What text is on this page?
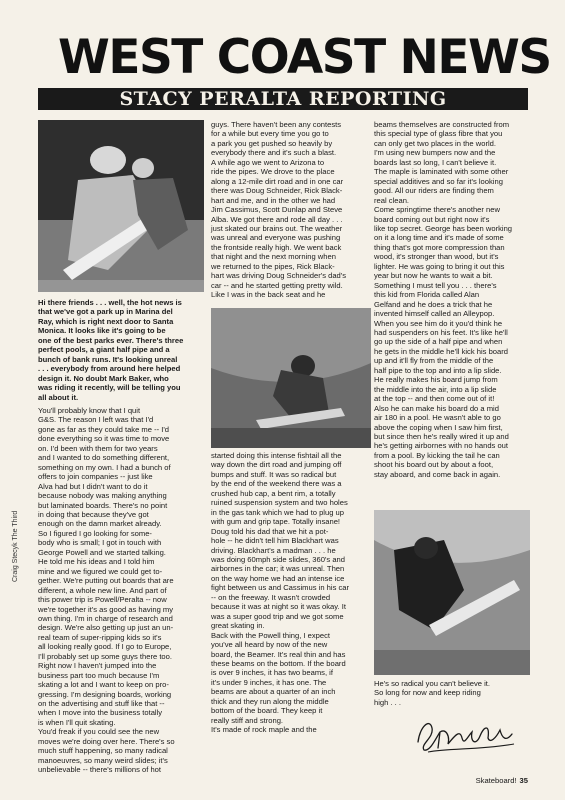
WEST COAST NEWS
STACY PERALTA REPORTING
Craig Stecyk The Third

Hi there friends . . . well, the hot news is
that we've got a park up in Marina del
Ray, which is right next door to Santa
Monica. It looks like it's going to be
one of the best parks ever. There's three
perfect pools, a giant half pipe and a
bunch of bank runs. It's looking unreal
. . . everybody from around here helped
design it. No doubt Mark Baker, who
was riding it recently, will be telling you
all about it.

You'll probably know that I quit
G&S. The reason I left was that I'd
gone as far as they could take me -- I'd
done everything so it was time to move
on. I'd been with them for two years
and I wanted to do something different,
something on my own. I had a bunch of
offers to join companies -- just like
Alva had but I didn't want to do it
because nobody was making anything
but laminated boards. There's no point
in doing that because they've got
enough on the damn market already.
So I figured I go looking for some-
body who is small; I got in touch with
George Powell and we started talking.
He told me his ideas and I told him
mine and we figured we could get to-
gether. We're putting out boards that are
different, a whole new line. And part of
this power trip is Powell/Peralta -- now
we're together it's as good as having my
own thing. I'm in charge of research and
design. We're also getting up just an un-
real team of super-ripping kids so it's
all looking really good. If I go to Europe,
I'll probably set up some guys there too.
Right now I haven't jumped into the
business part too much because I'm
skating a lot and I want to keep on pro-
gressing. I'm designing boards, working
on the advertising and stuff like that --
when I move into the business totally
is when I'll quit skating.
You'd freak if you could see the new
moves we're doing over here. There's so
much stuff happening, so many radical
manoeuvres, so many weird slides; it's
unbelievable -- there's millions of hot

guys. There haven't been any contests
for a while but every time you go to
a park you get pushed so heavily by
everybody there and it's such a blast.
A while ago we went to Arizona to
ride the pipes. We drove to the place
along a 12-mile dirt road and in one car
there was Doug Schneider, Rick Black-
hart and me, and in the other we had
Jim Cassimus, Scott Dunlap and Steve
Alba. We got there and rode all day . . .
just skated our brains out. The weather
was unreal and everyone was pushing
the frontside really high. We went back
that night and the next morning when
we returned to the pipes, Rick Black-
hart was driving Doug Schneider's dad's
car -- and he started getting pretty wild.
Like I was in the back seat and he

started doing this intense fishtail all the
way down the dirt road and jumping off
bumps and stuff. It was so radical but
by the end of the weekend there was a
crushed hub cap, a bent rim, a totally
ruined suspension system and two holes
in the gas tank which we had to plug up
with gum and grip tape. Totally insane!
Doug told his dad that we hit a pot-
hole -- he didn't tell him Blackhart was
driving. Blackhart's a madman . . . he
was doing 60mph side slides, 360's and
airbornes in the car; it was unreal. Then
on the way home we had an intense ice
fight between us and Cassimus in his car
-- on the freeway. It wasn't crowded
because it was at night so it was okay. It
was a super good trip and we got some
great skating in.
Back with the Powell thing, I expect
you've all heard by now of the new
board, the Beamer. It's real thin and has
these beams on the bottom. If the board
is over 9 inches, it has two beams, if
it's under 9 inches, it has one. The
beams are about a quarter of an inch
thick and they run along the middle
bottom of the board. They keep it
really stiff and strong.
It's made of rock maple and the

beams themselves are constructed from
this special type of glass fibre that you
can only get two places in the world.
I'm using new bumpers now and the
boards last so long, I can't believe it.
The maple is laminated with some other
special additives and so far it's looking
good. All our riders are finding them
real clean.
Come springtime there's another new
board coming out but right now it's
like top secret. George has been working
on it a long time and it's made of some
thing that's got more compression than
wood, it's stronger than wood, but it's
lighter. He was going to bring it out this
year but now he wants to wait a bit.
Something I must tell you . . . there's
this kid from Florida called Alan
Gelfand and he does a trick that he
invented himself called an Alleypop.
When you see him do it you'd think he
had suspenders on his feet. It's like he'll
go up the side of a half pipe and when
he gets in the middle he'll kick his board
up and it'll fly from the middle of the
half pipe to the top and into a lip slide.
He really makes his board jump from
the middle into the air, into a lip slide
at the top -- and then come out of it!
Also he can make his board do a mid
air 180 in a pool. He wasn't able to go
above the coping when I saw him first,
but since then he's really wired it up and
he's getting airbornes with no hands out
from a pool. By kicking the tail he can
shoot his board out by about a foot,
stay aboard, and come back in again.

He's so radical you can't believe it.
So long for now and keep riding
high . . .
Skateboard! 35
